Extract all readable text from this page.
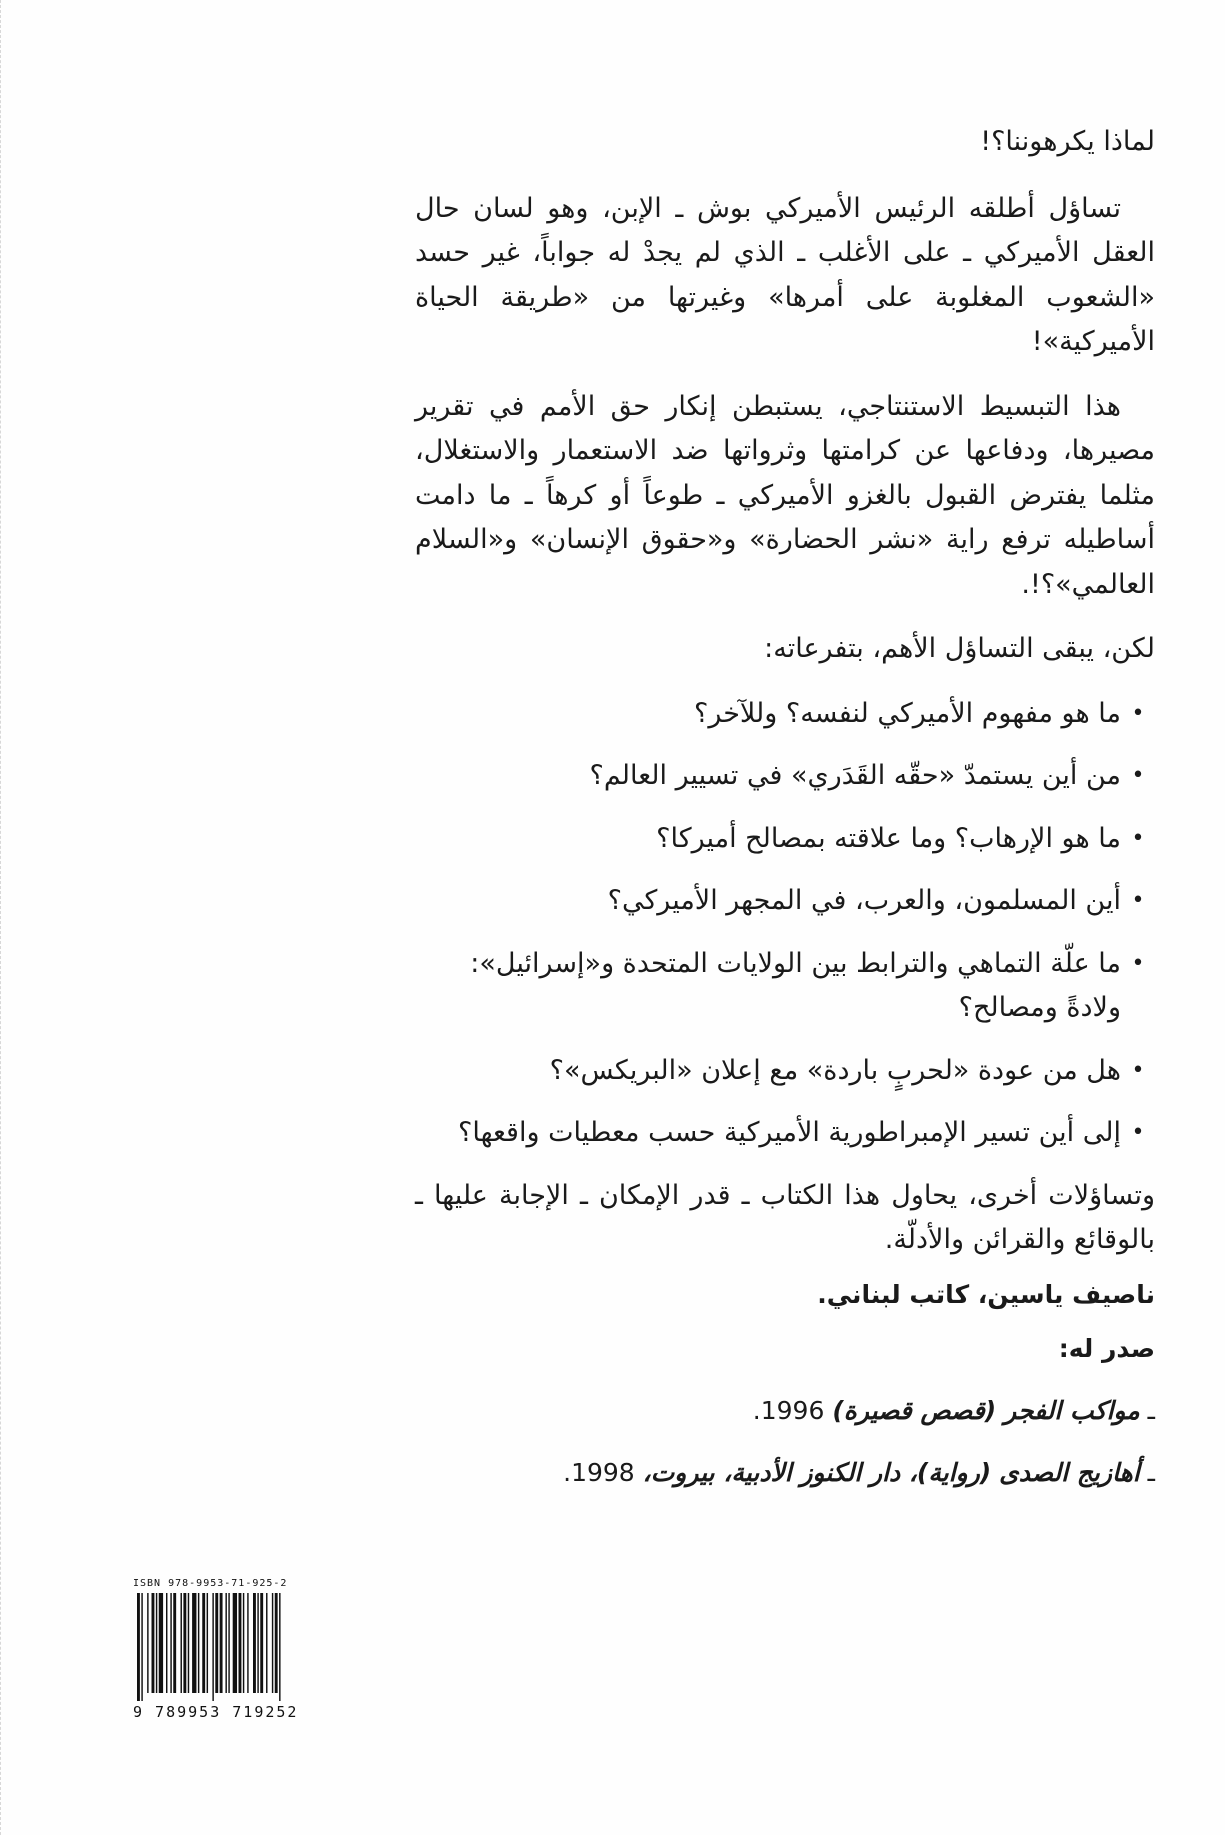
لماذا يكرهوننا؟!

تساؤل أطلقه الرئيس الأميركي بوش ـ الإبن، وهو لسان حال العقل الأميركي ـ على الأغلب ـ الذي لم يجدْ له جواباً، غير حسد «الشعوب المغلوبة على أمرها» وغيرتها من «طريقة الحياة الأميركية»!

هذا التبسيط الاستنتاجي، يستبطن إنكار حق الأمم في تقرير مصيرها، ودفاعها عن كرامتها وثرواتها ضد الاستعمار والاستغلال، مثلما يفترض القبول بالغزو الأميركي ـ طوعاً أو كرهاً ـ ما دامت أساطيله ترفع راية «نشر الحضارة» و«حقوق الإنسان» و«السلام العالمي»؟!.

لكن، يبقى التساؤل الأهم، بتفرعاته:

•
ما هو مفهوم الأميركي لنفسه؟ وللآخر؟
•
من أين يستمدّ «حقّه القَدَري» في تسيير العالم؟
•
ما هو الإرهاب؟ وما علاقته بمصالح أميركا؟
•
أين المسلمون، والعرب، في المجهر الأميركي؟
•
ما علّة التماهي والترابط بين الولايات المتحدة و«إسرائيل»: ولادةً ومصالح؟
•
هل من عودة «لحربٍ باردة» مع إعلان «البريكس»؟
•
إلى أين تسير الإمبراطورية الأميركية حسب معطيات واقعها؟

وتساؤلات أخرى، يحاول هذا الكتاب ـ قدر الإمكان ـ الإجابة عليها ـ بالوقائع والقرائن والأدلّة.

ناصيف ياسين، كاتب لبناني.
صدر له:
ـ مواكب الفجر (قصص قصيرة) 1996.
ـ أهازيج الصدى (رواية)، دار الكنوز الأدبية، بيروت، 1998.
ISBN 978-9953-71-925-2
9 789953 719252
